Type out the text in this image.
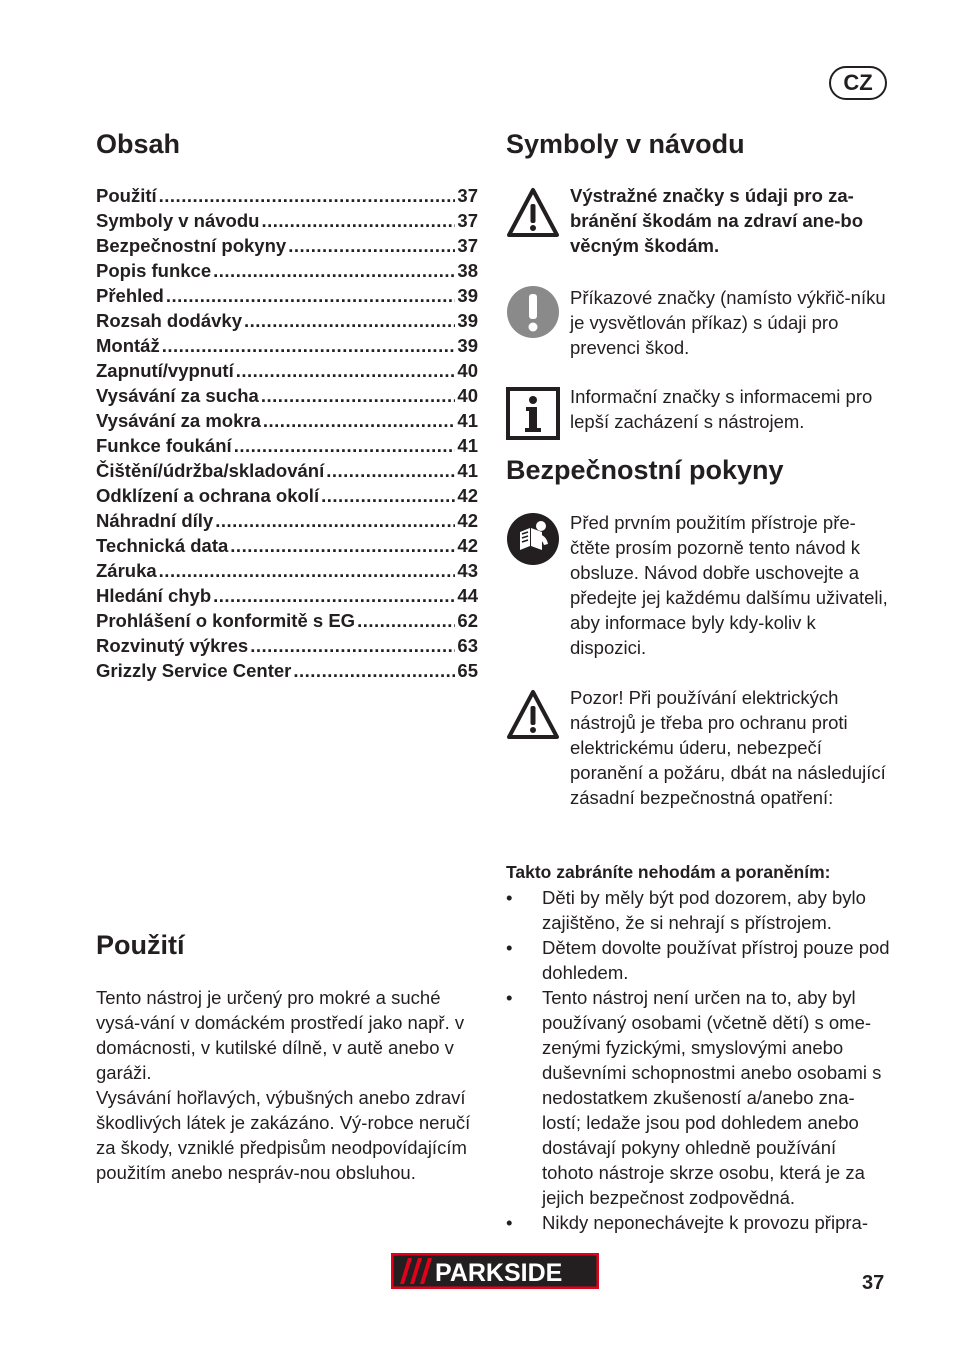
CZ
Obsah
Použití .....	37
Symboly v návodu .....	37
Bezpečnostní pokyny .....	37
Popis funkce .....	38
Přehled .....	39
Rozsah dodávky .....	39
Montáž .....	39
Zapnutí/vypnutí .....	40
Vysávání za sucha .....	40
Vysávání za mokra .....	41
Funkce foukání .....	41
Čištění/údržba/skladování .....	41
Odklízení a ochrana okolí .....	42
Náhradní díly .....	42
Technická data .....	42
Záruka .....	43
Hledání chyb .....	44
Prohlášení o konformitě s EG .....	62
Rozvinutý výkres .....	63
Grizzly Service Center .....	65
Použití

Tento nástroj je určený pro mokré a suché vysá-vání v domáckém prostředí jako např. v domácnosti, v kutilské dílně, v autě anebo v garáži.

Vysávání hořlavých, výbušných anebo zdraví škodlivých látek je zakázáno. Vý-robce neručí za škody, vzniklé předpisům neodpovídajícím použitím anebo nespráv-nou obsluhou.

Symboly v návodu

Výstražné značky s údaji pro za-bránění škodám na zdraví ane-bo věcným škodám.

Příkazové značky (namísto výkřič-níku je vysvětlován příkaz) s údaji pro prevenci škod.

Informační značky s informacemi pro lepší zacházení s nástrojem.

Bezpečnostní pokyny

Před prvním použitím přístroje pře-čtěte prosím pozorně tento návod k obsluze. Návod dobře uschovejte a předejte jej každému dalšímu uživateli, aby informace byly kdy-koliv k dispozici.

Pozor! Při používání elektrických nástrojů je třeba pro ochranu proti elektrickému úderu, nebezpečí poranění a požáru, dbát na následující zásadní bezpečnostná opatření:

Takto zabráníte nehodám a poraněním:

• Děti by měly být pod dozorem, aby bylo zajištěno, že si nehrají s přístrojem.
• Dětem dovolte používat přístroj pouze pod dohledem.
• Tento nástroj není určen na to, aby byl používaný osobami (včetně dětí) s ome-zenými fyzickými, smyslovými anebo duševními schopnostmi anebo osobami s nedostatkem zkušeností a/anebo zna-lostí; ledaže jsou pod dohledem anebo dostávají pokyny ohledně používání tohoto nástroje skrze osobu, která je za jejich bezpečnost zodpovědná.
• Nikdy neponechávejte k provozu připra-
PARKSIDE	37
